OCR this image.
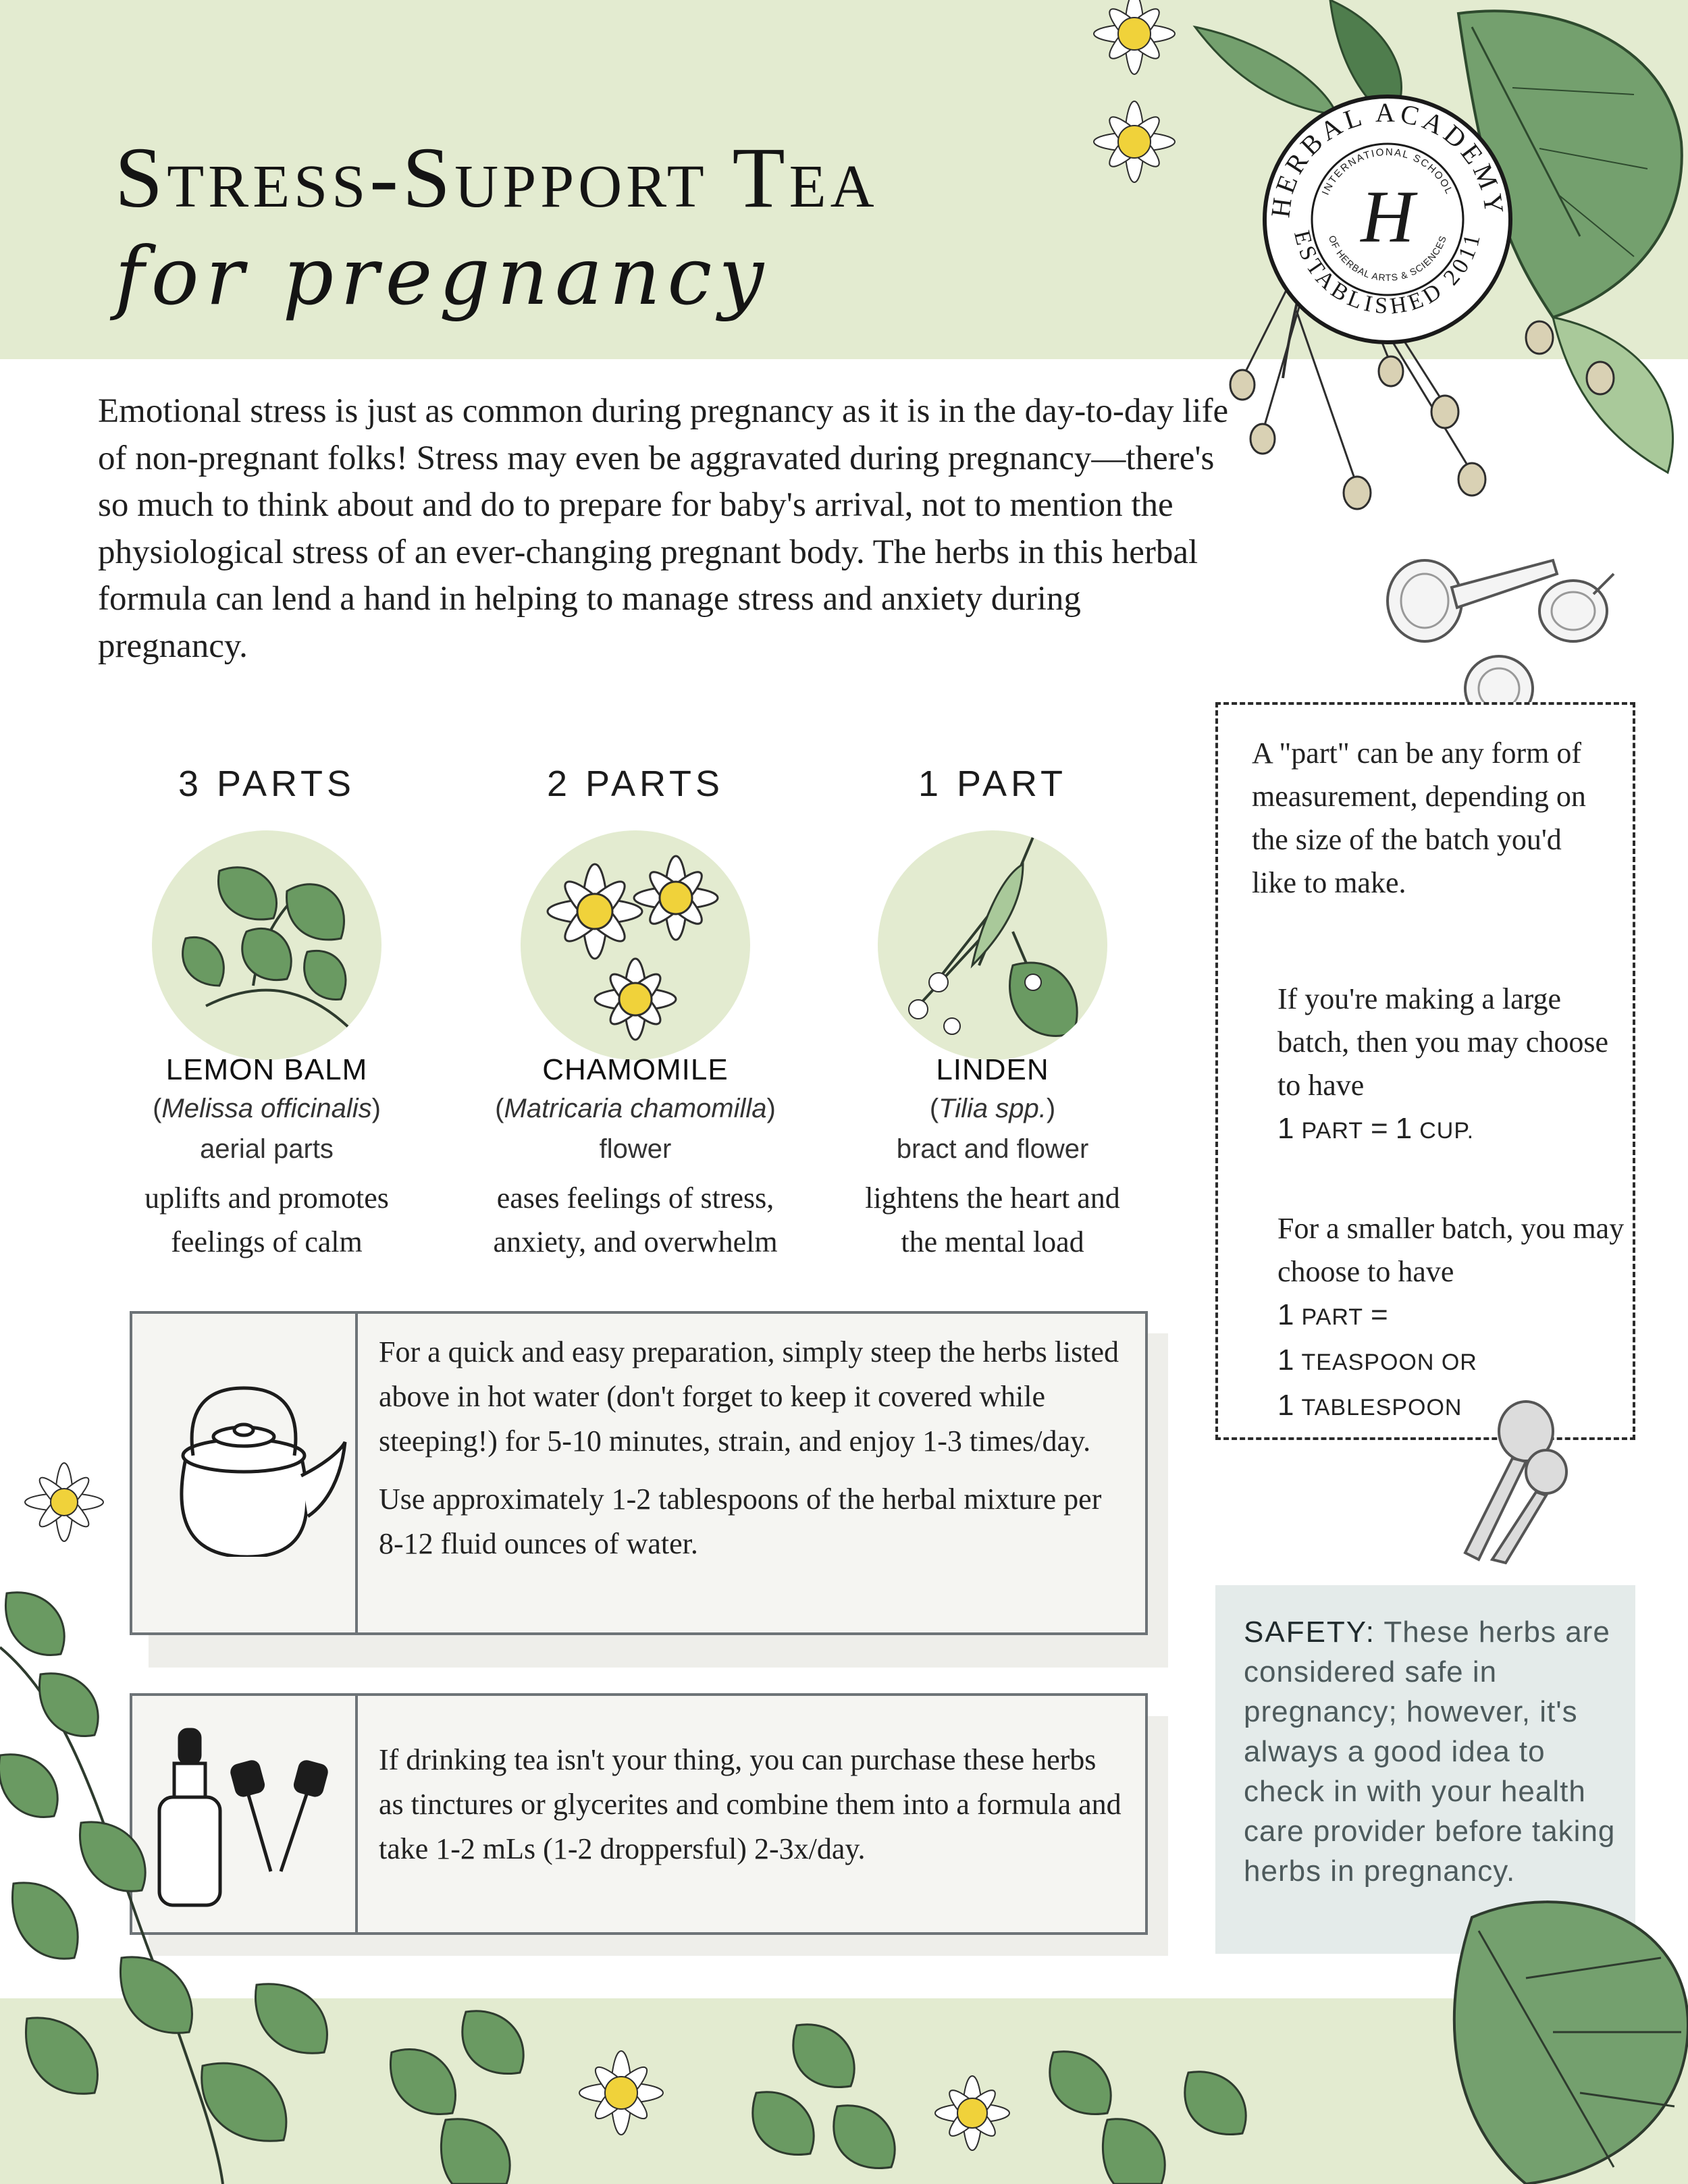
HERBAL ACADEMY
ESTABLISHED 2011
INTERNATIONAL SCHOOL
OF HERBAL ARTS & SCIENCES
H
Stress-Support Tea
for pregnancy
Emotional stress is just as common during pregnancy as it is in the day-to-day life of non-pregnant folks! Stress may even be aggravated during pregnancy—there's so much to think about and do to prepare for baby's arrival, not to mention the physiological stress of an ever-changing pregnant body. The herbs in this herbal formula can lend a hand in helping to manage stress and anxiety during pregnancy.
3 PARTS
LEMON BALM
(Melissa officinalis)
aerial parts
uplifts and promotes
feelings of calm
2 PARTS
CHAMOMILE
(Matricaria chamomilla)
flower
eases feelings of stress,
anxiety, and overwhelm
1 PART
LINDEN
(Tilia spp.)
bract and flower
lightens the heart and
the mental load
For a quick and easy preparation, simply steep the herbs listed above in hot water (don't forget to keep it covered while steeping!) for 5-10 minutes, strain, and enjoy 1-3 times/day.
Use approximately 1-2 tablespoons of the herbal mixture per 8-12 fluid ounces of water.
If drinking tea isn't your thing, you can purchase these herbs as tinctures or glycerites and combine them into a formula and take 1-2 mLs (1-2 droppersful) 2-3x/day.
A "part" can be any form of measurement, depending on the size of the batch you'd like to make.
If you're making a large batch, then you may choose to have
1 PART = 1 CUP.
For a smaller batch, you may choose to have
1 PART =
1 TEASPOON OR
1 TABLESPOON
SAFETY: These herbs are considered safe in pregnancy; however, it's always a good idea to check in with your health care provider before taking herbs in pregnancy.
